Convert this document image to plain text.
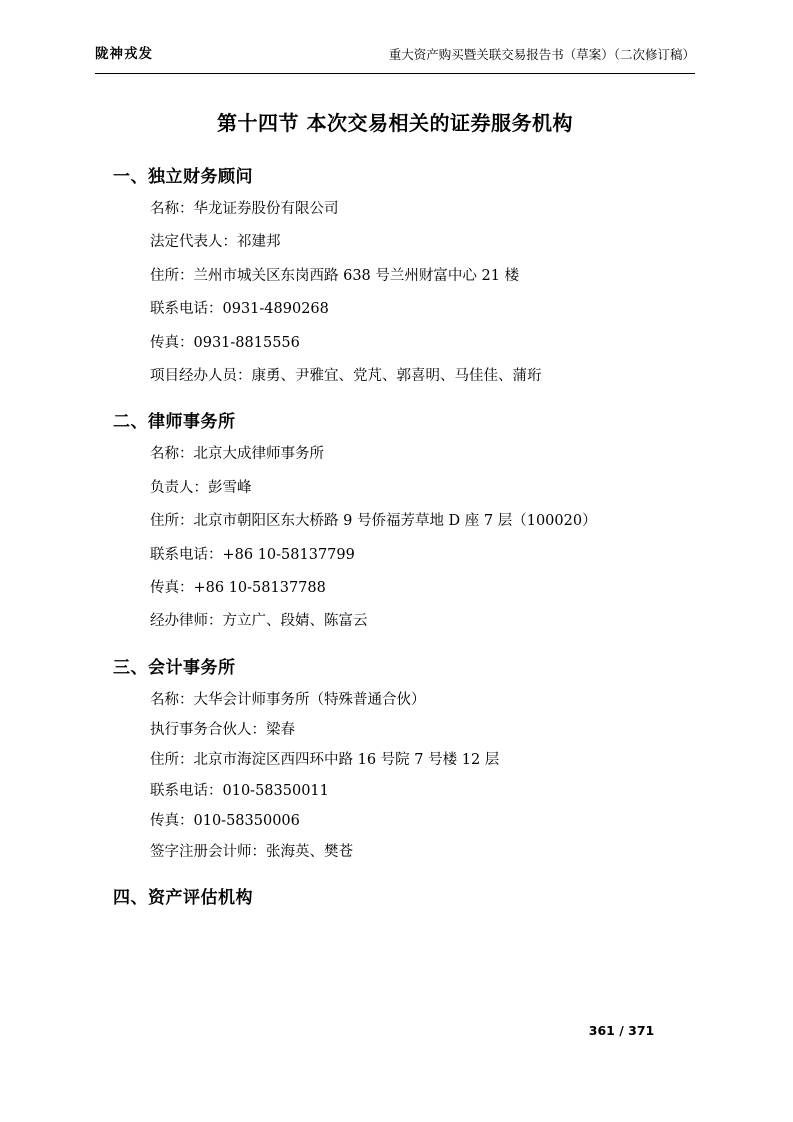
陇神戎发	重大资产购买暨关联交易报告书（草案）（二次修订稿）
第十四节 本次交易相关的证券服务机构
一、独立财务顾问

名称：华龙证券股份有限公司

法定代表人：祁建邦

住所：兰州市城关区东岗西路 638 号兰州财富中心 21 楼

联系电话：0931-4890268

传真：0931-8815556

项目经办人员：康勇、尹雅宜、党芃、郭喜明、马佳佳、蒲珩

二、律师事务所

名称：北京大成律师事务所

负责人：彭雪峰

住所：北京市朝阳区东大桥路 9 号侨福芳草地 D 座 7 层（100020）

联系电话：+86 10-58137799

传真：+86 10-58137788

经办律师：方立广、段婧、陈富云

三、会计事务所

名称：大华会计师事务所（特殊普通合伙）

执行事务合伙人：梁春

住所：北京市海淀区西四环中路 16 号院 7 号楼 12 层

联系电话：010-58350011

传真：010-58350006

签字注册会计师：张海英、樊苍

四、资产评估机构
361 / 371
